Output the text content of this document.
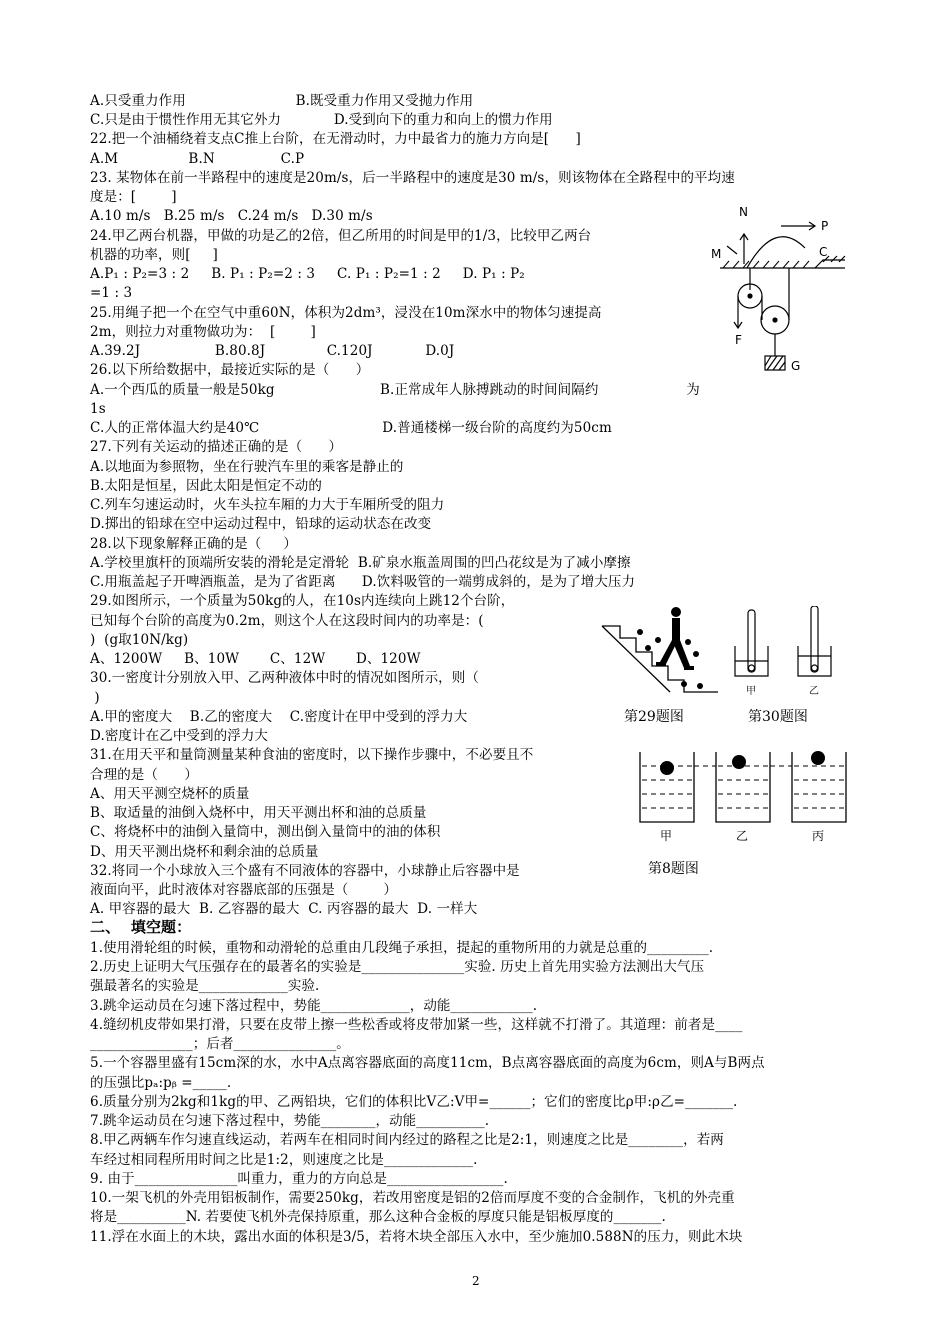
A.只受重力作用                         B.既受重力作用又受抛力作用
C.只是由于惯性作用无其它外力            D.受到向下的重力和向上的惯力作用
22.把一个油桶绕着支点C推上台阶，在无滑动时，力中最省力的施力方向是[      ]
A.M                B.N               C.P
23. 某物体在前一半路程中的速度是20m/s，后一半路程中的速度是30 m/s，则该物体在全路程中的平均速
度是：[        ]
A.10 m/s   B.25 m/s   C.24 m/s   D.30 m/s
24.甲乙两台机器，甲做的功是乙的2倍，但乙所用的时间是甲的1/3，比较甲乙两台
机器的功率，则[     ]
A.P₁ : P₂=3 : 2     B. P₁ : P₂=2 : 3     C. P₁ : P₂=1 : 2     D. P₁ : P₂
=1 : 3
25.用绳子把一个在空气中重60N，体积为2dm³，浸没在10m深水中的物体匀速提高
2m，则拉力对重物做功为：  [        ]
A.39.2J                 B.80.8J              C.120J            D.0J
26.以下所给数据中，最接近实际的是（      ）
A.一个西瓜的质量一般是50kg                        B.正常成年人脉搏跳动的时间间隔约                    为
1s
C.人的正常体温大约是40℃                            D.普通楼梯一级台阶的高度约为50cm
27.下列有关运动的描述正确的是（      ）
A.以地面为参照物，坐在行驶汽车里的乘客是静止的
B.太阳是恒星，因此太阳是恒定不动的
C.列车匀速运动时，火车头拉车厢的力大于车厢所受的阻力
D.掷出的铅球在空中运动过程中，铅球的运动状态在改变
28.以下现象解释正确的是（     ）
A.学校里旗杆的顶端所安装的滑轮是定滑轮  B.矿泉水瓶盖周围的凹凸花纹是为了减小摩擦
C.用瓶盖起子开啤酒瓶盖，是为了省距离      D.饮料吸管的一端剪成斜的，是为了增大压力
29.如图所示，一个质量为50kg的人，在10s内连续向上跳12个台阶，
已知每个台阶的高度为0.2m，则这个人在这段时间内的功率是：(
)  (g取10N/kg)
A、1200W     B、10W       C、12W       D、120W
30.一密度计分别放入甲、乙两种液体中时的情况如图所示，则（
)
A.甲的密度大    B.乙的密度大    C.密度计在甲中受到的浮力大
D.密度计在乙中受到的浮力大
31.在用天平和量筒测量某种食油的密度时，以下操作步骤中，不必要且不
合理的是（      ）
A、用天平测空烧杯的质量
B、取适量的油倒入烧杯中，用天平测出杯和油的总质量
C、将烧杯中的油倒入量筒中，测出倒入量筒中的油的体积
D、用天平测出烧杯和剩余油的总质量
32.将同一个小球放入三个盛有不同液体的容器中，小球静止后容器中是
液面向平，此时液体对容器底部的压强是（        ）
A. 甲容器的最大  B. 乙容器的最大  C. 丙容器的最大  D. 一样大
1.使用滑轮组的时候，重物和动滑轮的总重由几段绳子承担，提起的重物所用的力就是总重的_________.
2.历史上证明大气压强存在的最著名的实验是_______________实验. 历史上首先用实验方法测出大气压
强最著名的实验是_____________实验.
3.跳伞运动员在匀速下落过程中，势能_____________，动能____________.
4.缝纫机皮带如果打滑，只要在皮带上擦一些松香或将皮带加紧一些，这样就不打滑了。其道理：前者是____
_______________；后者_______________。
5.一个容器里盛有15cm深的水，水中A点离容器底面的高度11cm，B点离容器底面的高度为6cm，则A与B两点
的压强比pₐ:pᵦ =_____.
6.质量分别为2kg和1kg的甲、乙两铅块，它们的体积比V乙:V甲=______；它们的密度比ρ甲:ρ乙=_______.
7.跳伞运动员在匀速下落过程中，势能________，动能__________.
8.甲乙两辆车作匀速直线运动，若两车在相同时间内经过的路程之比是2:1，则速度之比是________，若两
车经过相同程所用时间之比是1:2，则速度之比是_____________.
9. 由于_______________叫重力，重力的方向总是_________________.
10.一架飞机的外壳用铝板制作，需要250kg，若改用密度是铝的2倍而厚度不变的合金制作，飞机的外壳重
将是__________N. 若要使飞机外壳保持原重，那么这种合金板的厚度只能是铝板厚度的_______.
11.浮在水面上的木块，露出水面的体积是3/5，若将木块全部压入水中，至少施加0.588N的压力，则此木块
二、  填空题：
N
P
M	C
F
G
甲	乙
第29题图	第30题图
甲	乙	丙
第8题图
2
